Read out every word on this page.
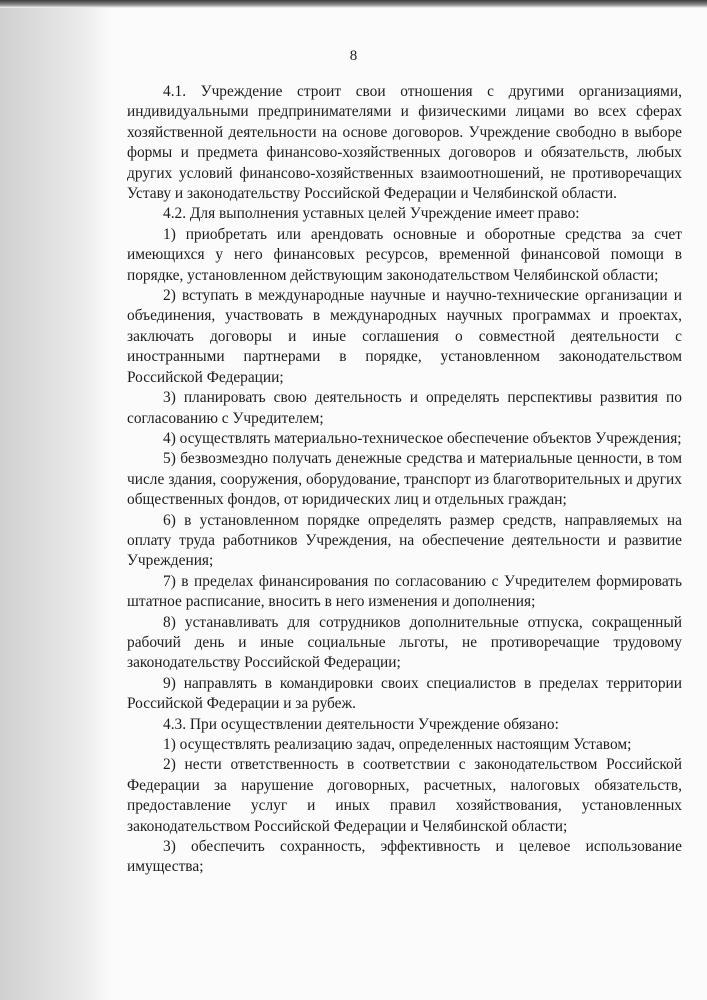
8

4.1. Учреждение строит свои отношения с другими организациями, индивидуальными предпринимателями и физическими лицами во всех сферах хозяйственной деятельности на основе договоров. Учреждение свободно в выборе формы и предмета финансово-хозяйственных договоров и обязательств, любых других условий финансово-хозяйственных взаимоотношений, не противоречащих Уставу и законодательству Российской Федерации и Челябинской области.

4.2. Для выполнения уставных целей Учреждение имеет право:

1) приобретать или арендовать основные и оборотные средства за счет имеющихся у него финансовых ресурсов, временной финансовой помощи в порядке, установленном действующим законодательством Челябинской области;

2) вступать в международные научные и научно-технические организации и объединения, участвовать в международных научных программах и проектах, заключать договоры и иные соглашения о совместной деятельности с иностранными партнерами в порядке, установленном законодательством Российской Федерации;

3) планировать свою деятельность и определять перспективы развития по согласованию с Учредителем;

4) осуществлять материально-техническое обеспечение объектов Учреждения;

5) безвозмездно получать денежные средства и материальные ценности, в том числе здания, сооружения, оборудование, транспорт из благотворительных и других общественных фондов, от юридических лиц и отдельных граждан;

6) в установленном порядке определять размер средств, направляемых на оплату труда работников Учреждения, на обеспечение деятельности и развитие Учреждения;

7) в пределах финансирования по согласованию с Учредителем формировать штатное расписание, вносить в него изменения и дополнения;

8) устанавливать для сотрудников дополнительные отпуска, сокращенный рабочий день и иные социальные льготы, не противоречащие трудовому законодательству Российской Федерации;

9) направлять в командировки своих специалистов в пределах территории Российской Федерации и за рубеж.

4.3. При осуществлении деятельности Учреждение обязано:

1) осуществлять реализацию задач, определенных настоящим Уставом;

2) нести ответственность в соответствии с законодательством Российской Федерации за нарушение договорных, расчетных, налоговых обязательств, предоставление услуг и иных правил хозяйствования, установленных законодательством Российской Федерации и Челябинской области;

3) обеспечить сохранность, эффективность и целевое использование имущества;
